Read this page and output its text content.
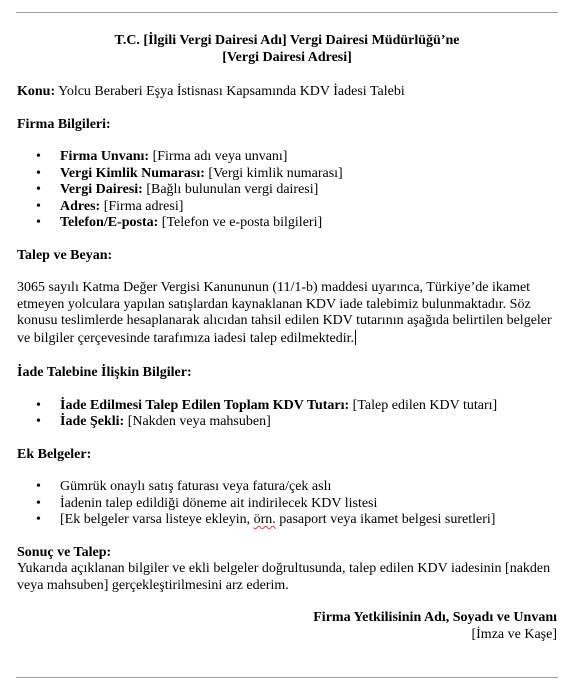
T.C. [İlgili Vergi Dairesi Adı] Vergi Dairesi Müdürlüğü’ne
[Vergi Dairesi Adresi]

Konu: Yolcu Beraberi Eşya İstisnası Kapsamında KDV İadesi Talebi

Firma Bilgileri:
• Firma Unvanı: [Firma adı veya unvanı]
• Vergi Kimlik Numarası: [Vergi kimlik numarası]
• Vergi Dairesi: [Bağlı bulunulan vergi dairesi]
• Adres: [Firma adresi]
• Telefon/E-posta: [Telefon ve e-posta bilgileri]
Talep ve Beyan:

3065 sayılı Katma Değer Vergisi Kanununun (11/1-b) maddesi uyarınca, Türkiye’de ikamet etmeyen yolculara yapılan satışlardan kaynaklanan KDV iade talebimiz bulunmaktadır. Söz konusu teslimlerde hesaplanarak alıcıdan tahsil edilen KDV tutarının aşağıda belirtilen belgeler ve bilgiler çerçevesinde tarafımıza iadesi talep edilmektedir.

İade Talebine İlişkin Bilgiler:
• İade Edilmesi Talep Edilen Toplam KDV Tutarı: [Talep edilen KDV tutarı]
• İade Şekli: [Nakden veya mahsuben]
Ek Belgeler:
• Gümrük onaylı satış faturası veya fatura/çek aslı
• İadenin talep edildiği döneme ait indirilecek KDV listesi
• [Ek belgeler varsa listeye ekleyin, örn. pasaport veya ikamet belgesi suretleri]
Sonuç ve Talep:

Yukarıda açıklanan bilgiler ve ekli belgeler doğrultusunda, talep edilen KDV iadesinin [nakden veya mahsuben] gerçekleştirilmesini arz ederim.

Firma Yetkilisinin Adı, Soyadı ve Unvanı
[İmza ve Kaşe]
